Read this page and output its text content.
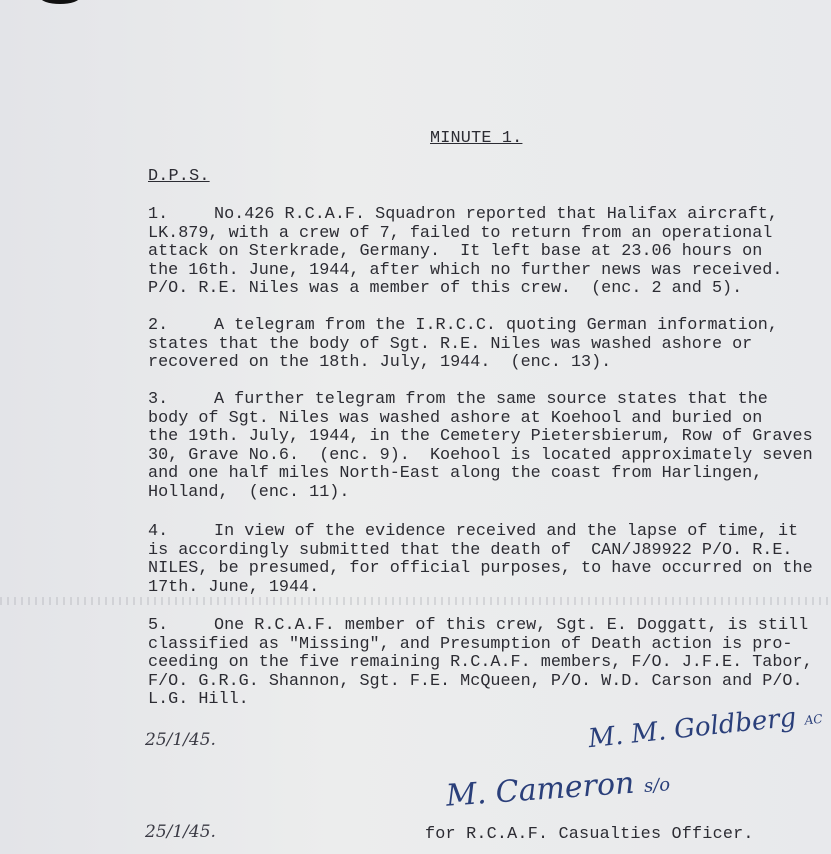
MINUTE 1.
D.P.S.
1.	No.426 R.C.A.F. Squadron reported that Halifax aircraft,
LK.879, with a crew of 7, failed to return from an operational
attack on Sterkrade, Germany.  It left base at 23.06 hours on
the 16th. June, 1944, after which no further news was received.
P/O. R.E. Niles was a member of this crew.  (enc. 2 and 5).
2.	A telegram from the I.R.C.C. quoting German information,
states that the body of Sgt. R.E. Niles was washed ashore or
recovered on the 18th. July, 1944.  (enc. 13).
3.	A further telegram from the same source states that the
body of Sgt. Niles was washed ashore at Koehool and buried on
the 19th. July, 1944, in the Cemetery Pietersbierum, Row of Graves
30, Grave No.6.  (enc. 9).  Koehool is located approximately seven
and one half miles North-East along the coast from Harlingen,
Holland,  (enc. 11).
4.	In view of the evidence received and the lapse of time, it
is accordingly submitted that the death of  CAN/J89922 P/O. R.E.
NILES, be presumed, for official purposes, to have occurred on the
17th. June, 1944.
5.	One R.C.A.F. member of this crew, Sgt. E. Doggatt, is still
classified as "Missing", and Presumption of Death action is pro-
ceeding on the five remaining R.C.A.F. members, F/O. J.F.E. Tabor,
F/O. G.R.G. Shannon, Sgt. F.E. McQueen, P/O. W.D. Carson and P/O.
L.G. Hill.
M. M. Goldberg AC
25/1/45.
M. Cameron s/o
25/1/45.	for R.C.A.F. Casualties Officer.
